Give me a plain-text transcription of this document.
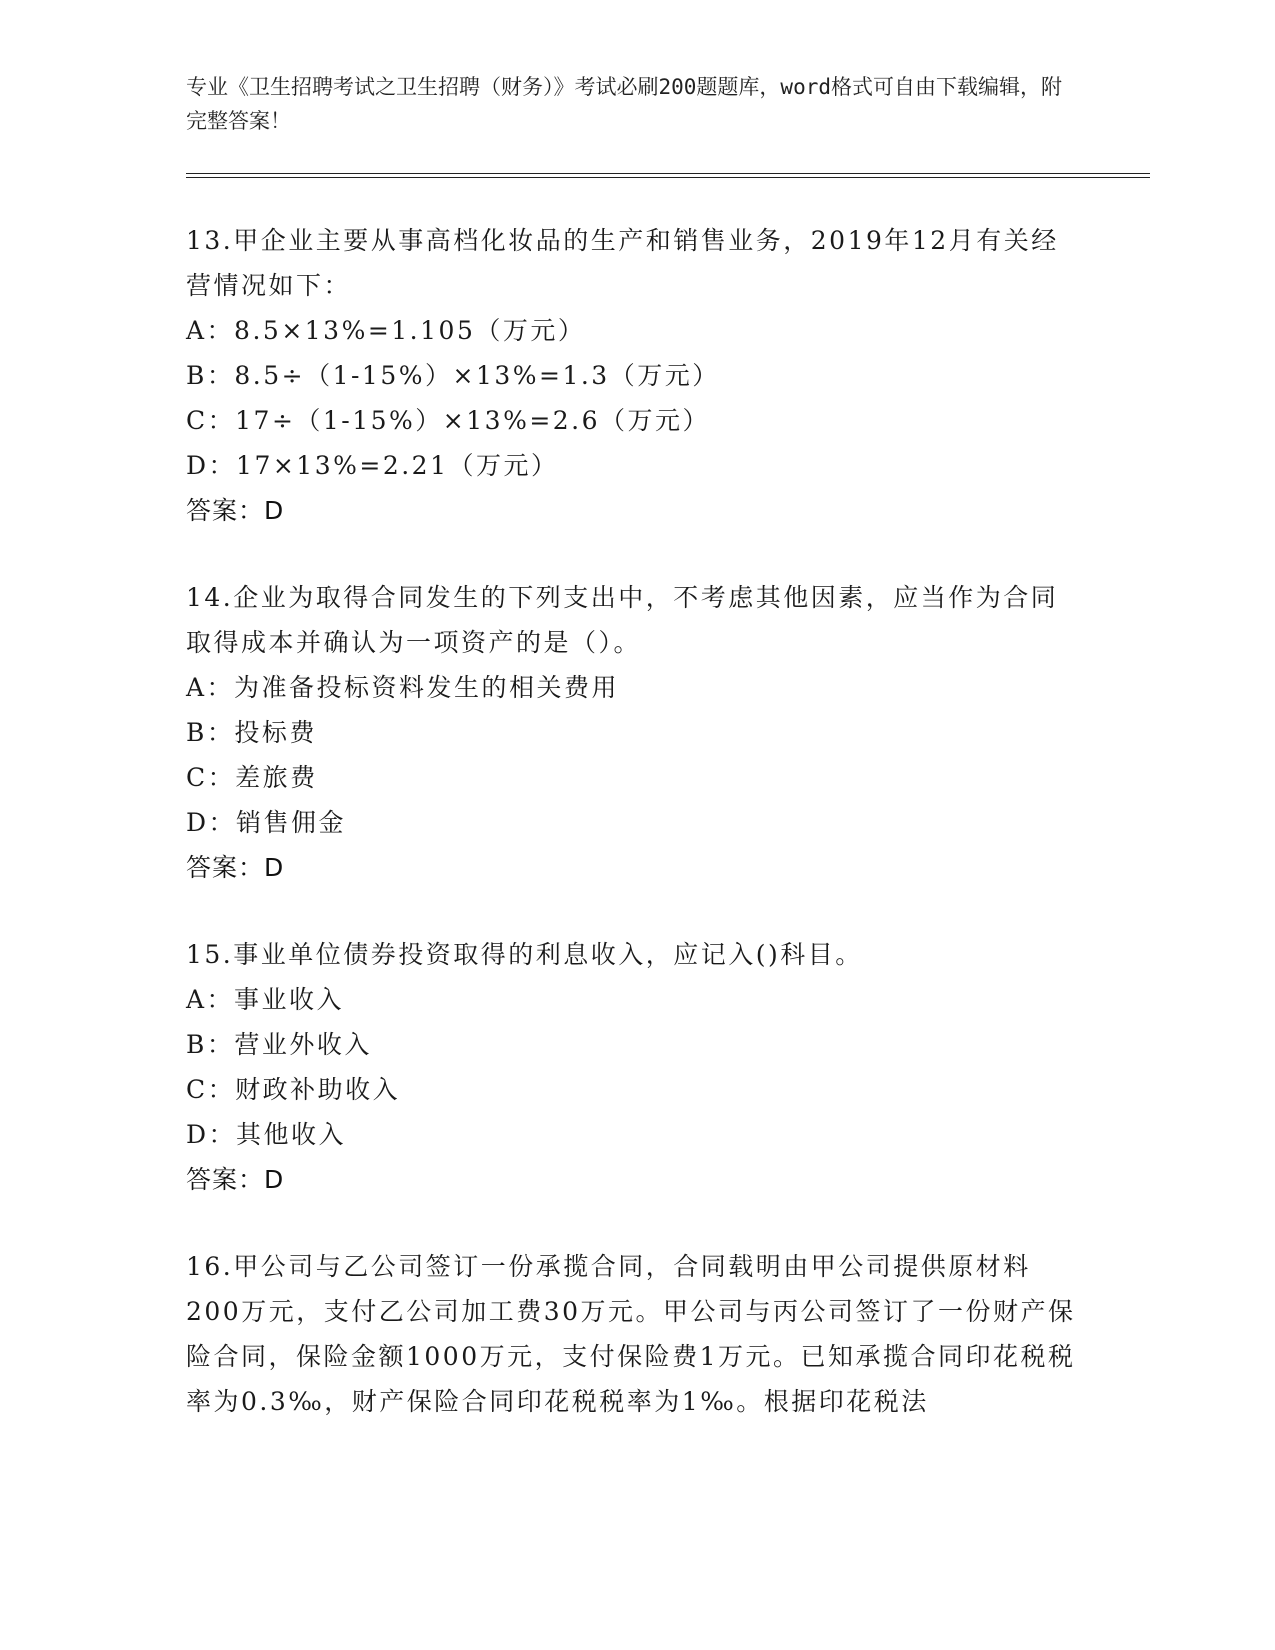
专业《卫生招聘考试之卫生招聘（财务）》考试必刷200题题库，word格式可自由下载编辑，附完整答案！
13.甲企业主要从事高档化妆品的生产和销售业务，2019年12月有关经营情况如下：
A：8.5×13%=1.105（万元）
B：8.5÷（1-15%）×13%=1.3（万元）
C：17÷（1-15%）×13%=2.6（万元）
D：17×13%=2.21（万元）
答案：D
14.企业为取得合同发生的下列支出中，不考虑其他因素，应当作为合同取得成本并确认为一项资产的是（）。
A：为准备投标资料发生的相关费用
B：投标费
C：差旅费
D：销售佣金
答案：D
15.事业单位债券投资取得的利息收入，应记入()科目。
A：事业收入
B：营业外收入
C：财政补助收入
D：其他收入
答案：D
16.甲公司与乙公司签订一份承揽合同，合同载明由甲公司提供原材料200万元，支付乙公司加工费30万元。甲公司与丙公司签订了一份财产保险合同，保险金额1000万元，支付保险费1万元。已知承揽合同印花税税率为0.3‰，财产保险合同印花税税率为1‰。根据印花税法
